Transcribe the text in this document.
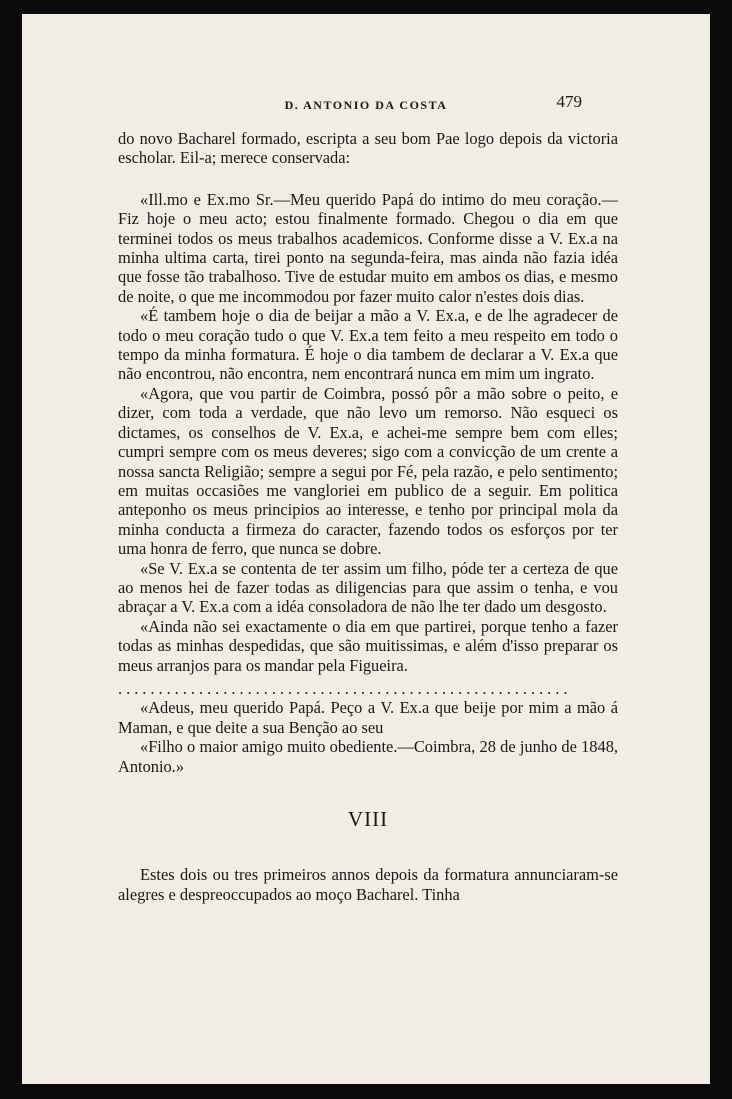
D. ANTONIO DA COSTA	479

do novo Bacharel formado, escripta a seu bom Pae logo depois da victoria escholar. Eil-a; merece conservada:

«Ill.mo e Ex.mo Sr.—Meu querido Papá do intimo do meu coração.—Fiz hoje o meu acto; estou finalmente formado. Chegou o dia em que terminei todos os meus trabalhos academicos. Conforme disse a V. Ex.a na minha ultima carta, tirei ponto na segunda-feira, mas ainda não fazia idéa que fosse tão trabalhoso. Tive de estudar muito em ambos os dias, e mesmo de noite, o que me incommodou por fazer muito calor n'estes dois dias.

«É tambem hoje o dia de beijar a mão a V. Ex.a, e de lhe agradecer de todo o meu coração tudo o que V. Ex.a tem feito a meu respeito em todo o tempo da minha formatura. É hoje o dia tambem de declarar a V. Ex.a que não encontrou, não encontra, nem encontrará nunca em mim um ingrato.

«Agora, que vou partir de Coimbra, possó pôr a mão sobre o peito, e dizer, com toda a verdade, que não levo um remorso. Não esqueci os dictames, os conselhos de V. Ex.a, e achei-me sempre bem com elles; cumpri sempre com os meus deveres; sigo com a convicção de um crente a nossa sancta Religião; sempre a segui por Fé, pela razão, e pelo sentimento; em muitas occasiões me vangloriei em publico de a seguir. Em politica anteponho os meus principios ao interesse, e tenho por principal mola da minha conducta a firmeza do caracter, fazendo todos os esforços por ter uma honra de ferro, que nunca se dobre.

«Se V. Ex.a se contenta de ter assim um filho, póde ter a certeza de que ao menos hei de fazer todas as diligencias para que assim o tenha, e vou abraçar a V. Ex.a com a idéa consoladora de não lhe ter dado um desgosto.

«Ainda não sei exactamente o dia em que partirei, porque tenho a fazer todas as minhas despedidas, que são muitissimas, e além d'isso preparar os meus arranjos para os mandar pela Figueira.

........................................................

«Adeus, meu querido Papá. Peço a V. Ex.a que beije por mim a mão á Maman, e que deite a sua Benção ao seu

«Filho o maior amigo muito obediente.—Coimbra, 28 de junho de 1848, Antonio.»

VIII

Estes dois ou tres primeiros annos depois da formatura annunciaram-se alegres e despreoccupados ao moço Bacharel. Tinha
